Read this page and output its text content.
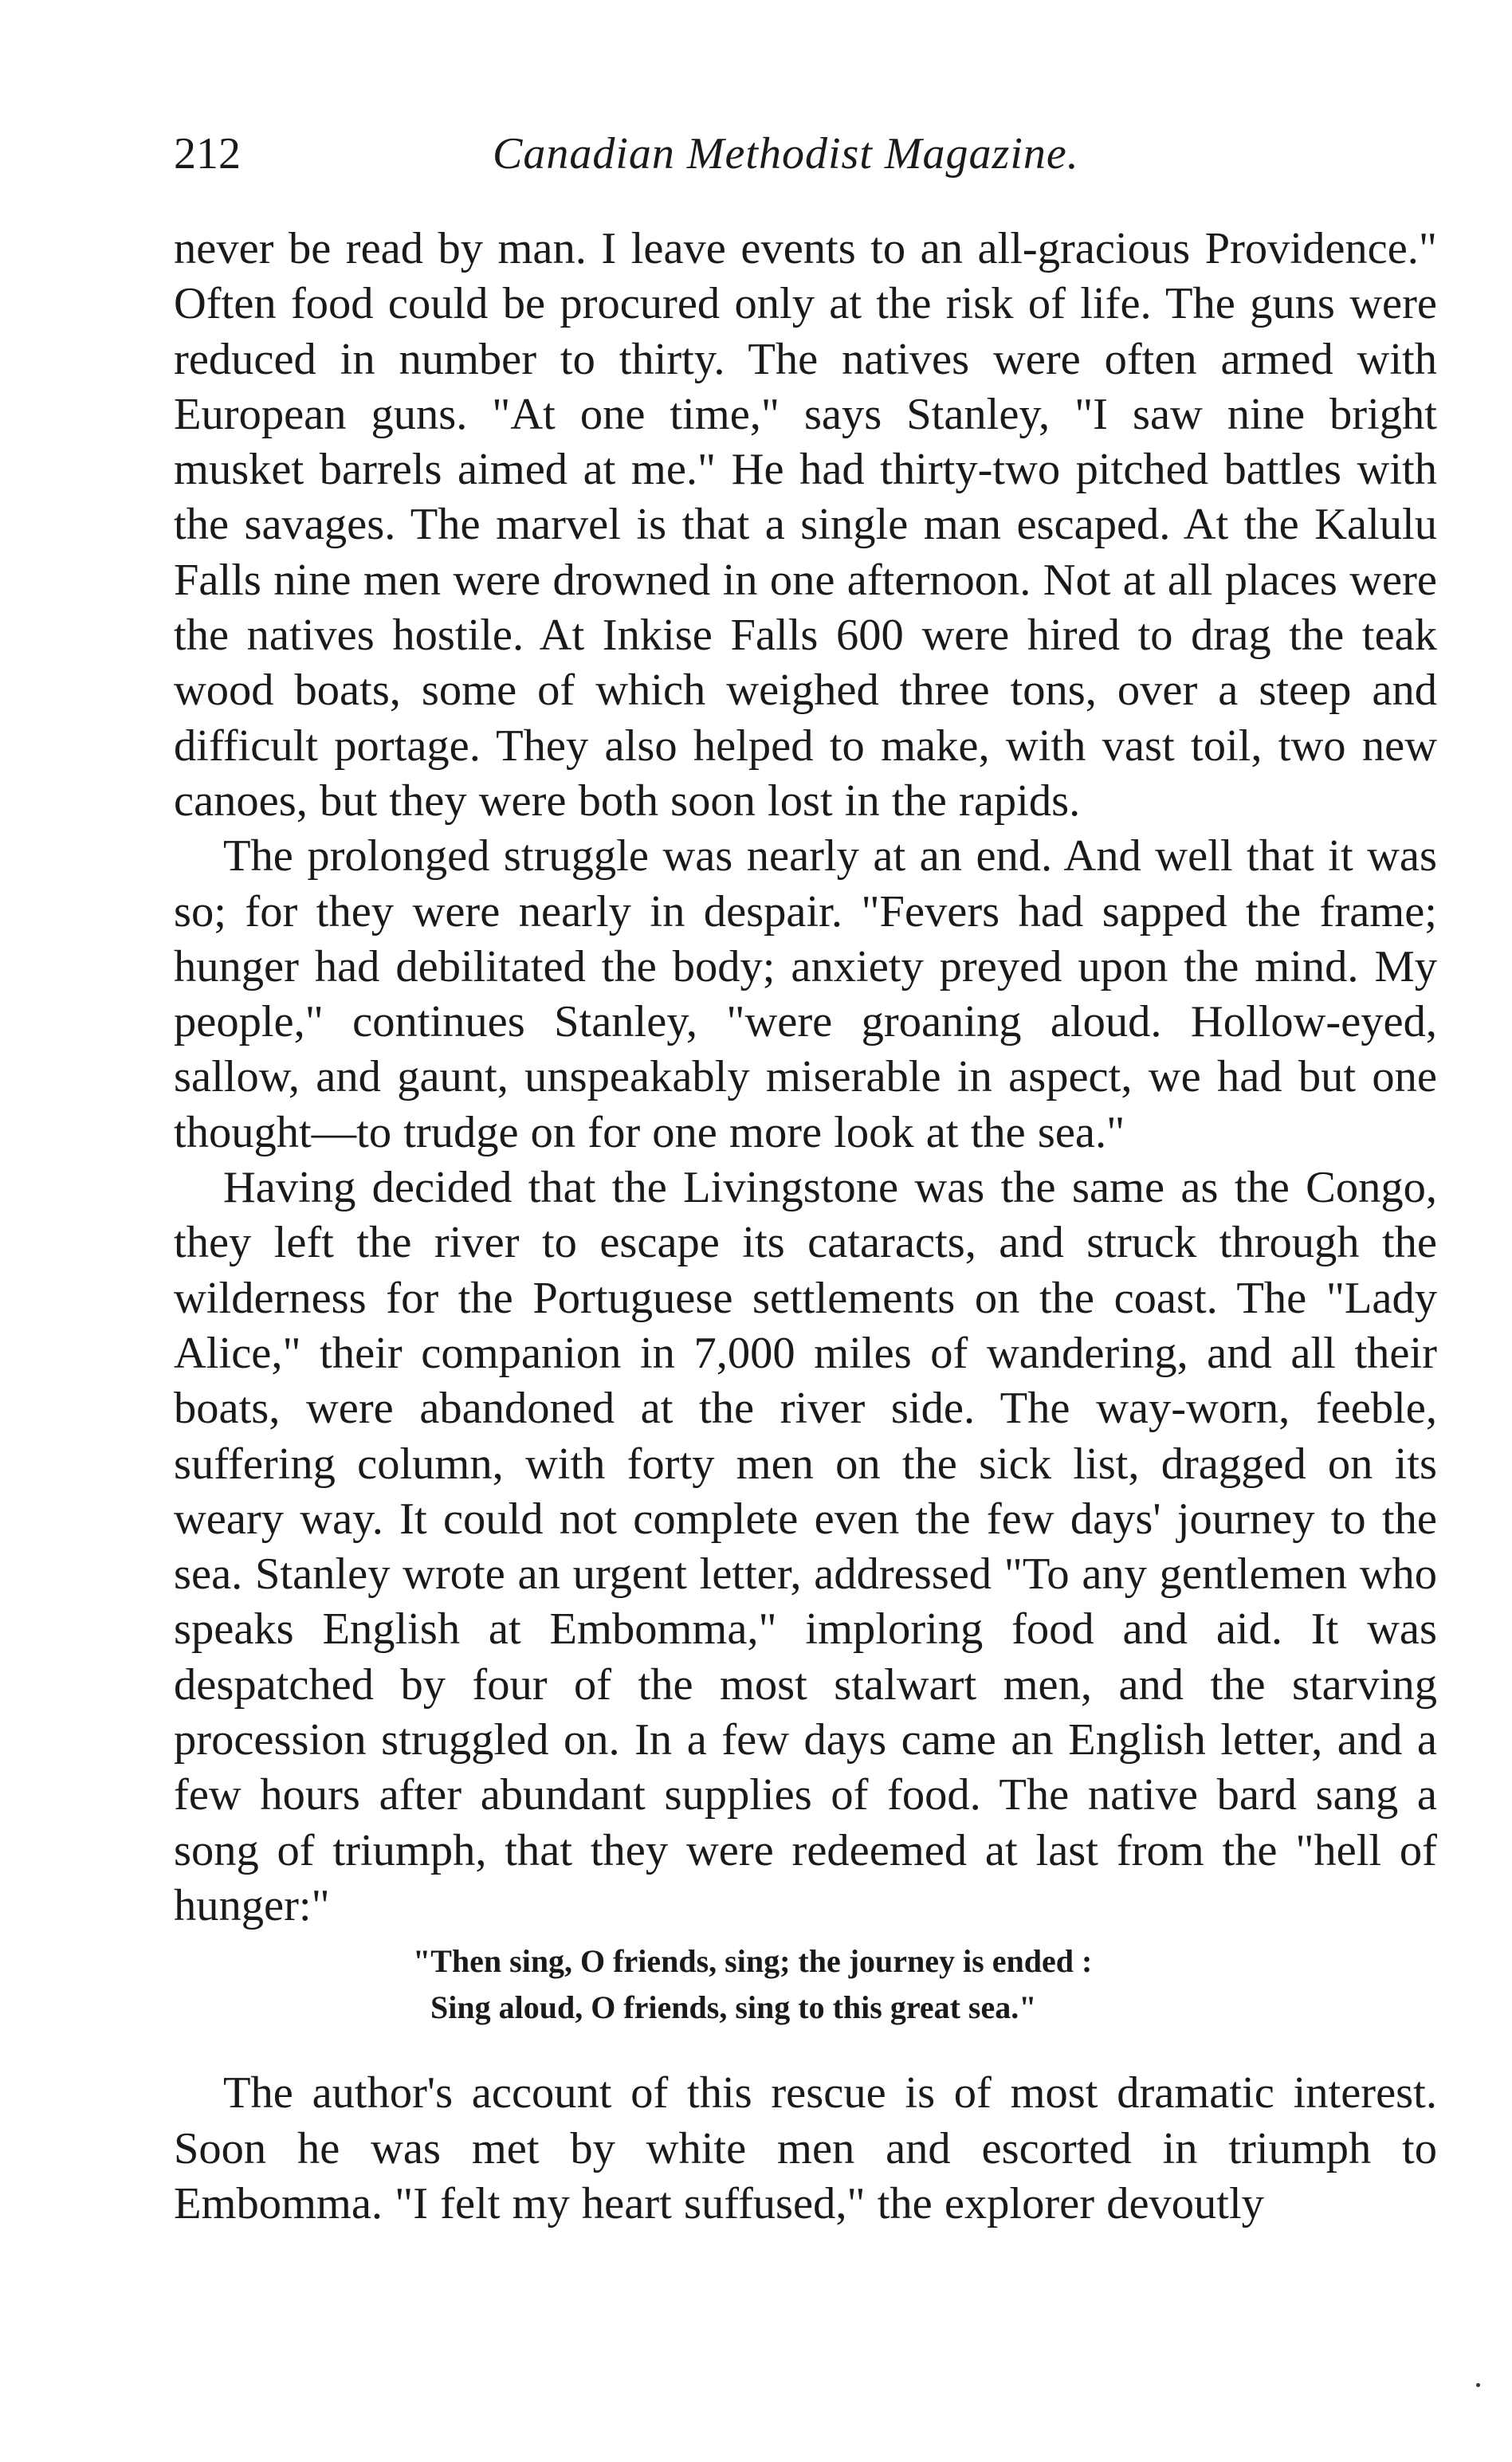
212	Canadian Methodist Magazine.

never be read by man. I leave events to an all-gracious Providence." Often food could be procured only at the risk of life. The guns were reduced in number to thirty. The natives were often armed with European guns. "At one time," says Stanley, "I saw nine bright musket barrels aimed at me." He had thirty-two pitched battles with the savages. The marvel is that a single man escaped. At the Kalulu Falls nine men were drowned in one afternoon. Not at all places were the natives hostile. At Inkise Falls 600 were hired to drag the teak wood boats, some of which weighed three tons, over a steep and difficult portage. They also helped to make, with vast toil, two new canoes, but they were both soon lost in the rapids.

The prolonged struggle was nearly at an end. And well that it was so; for they were nearly in despair. "Fevers had sapped the frame; hunger had debilitated the body; anxiety preyed upon the mind. My people," continues Stanley, "were groaning aloud. Hollow-eyed, sallow, and gaunt, unspeakably miserable in aspect, we had but one thought—to trudge on for one more look at the sea."

Having decided that the Livingstone was the same as the Congo, they left the river to escape its cataracts, and struck through the wilderness for the Portuguese settlements on the coast. The "Lady Alice," their companion in 7,000 miles of wandering, and all their boats, were abandoned at the river side. The way-worn, feeble, suffering column, with forty men on the sick list, dragged on its weary way. It could not complete even the few days' journey to the sea. Stanley wrote an urgent letter, addressed "To any gentlemen who speaks English at Embomma," imploring food and aid. It was despatched by four of the most stalwart men, and the starving procession struggled on. In a few days came an English letter, and a few hours after abundant supplies of food. The native bard sang a song of triumph, that they were redeemed at last from the "hell of hunger:"

"Then sing, O friends, sing; the journey is ended :
Sing aloud, O friends, sing to this great sea."

The author's account of this rescue is of most dramatic interest. Soon he was met by white men and escorted in triumph to Embomma. "I felt my heart suffused," the explorer devoutly
